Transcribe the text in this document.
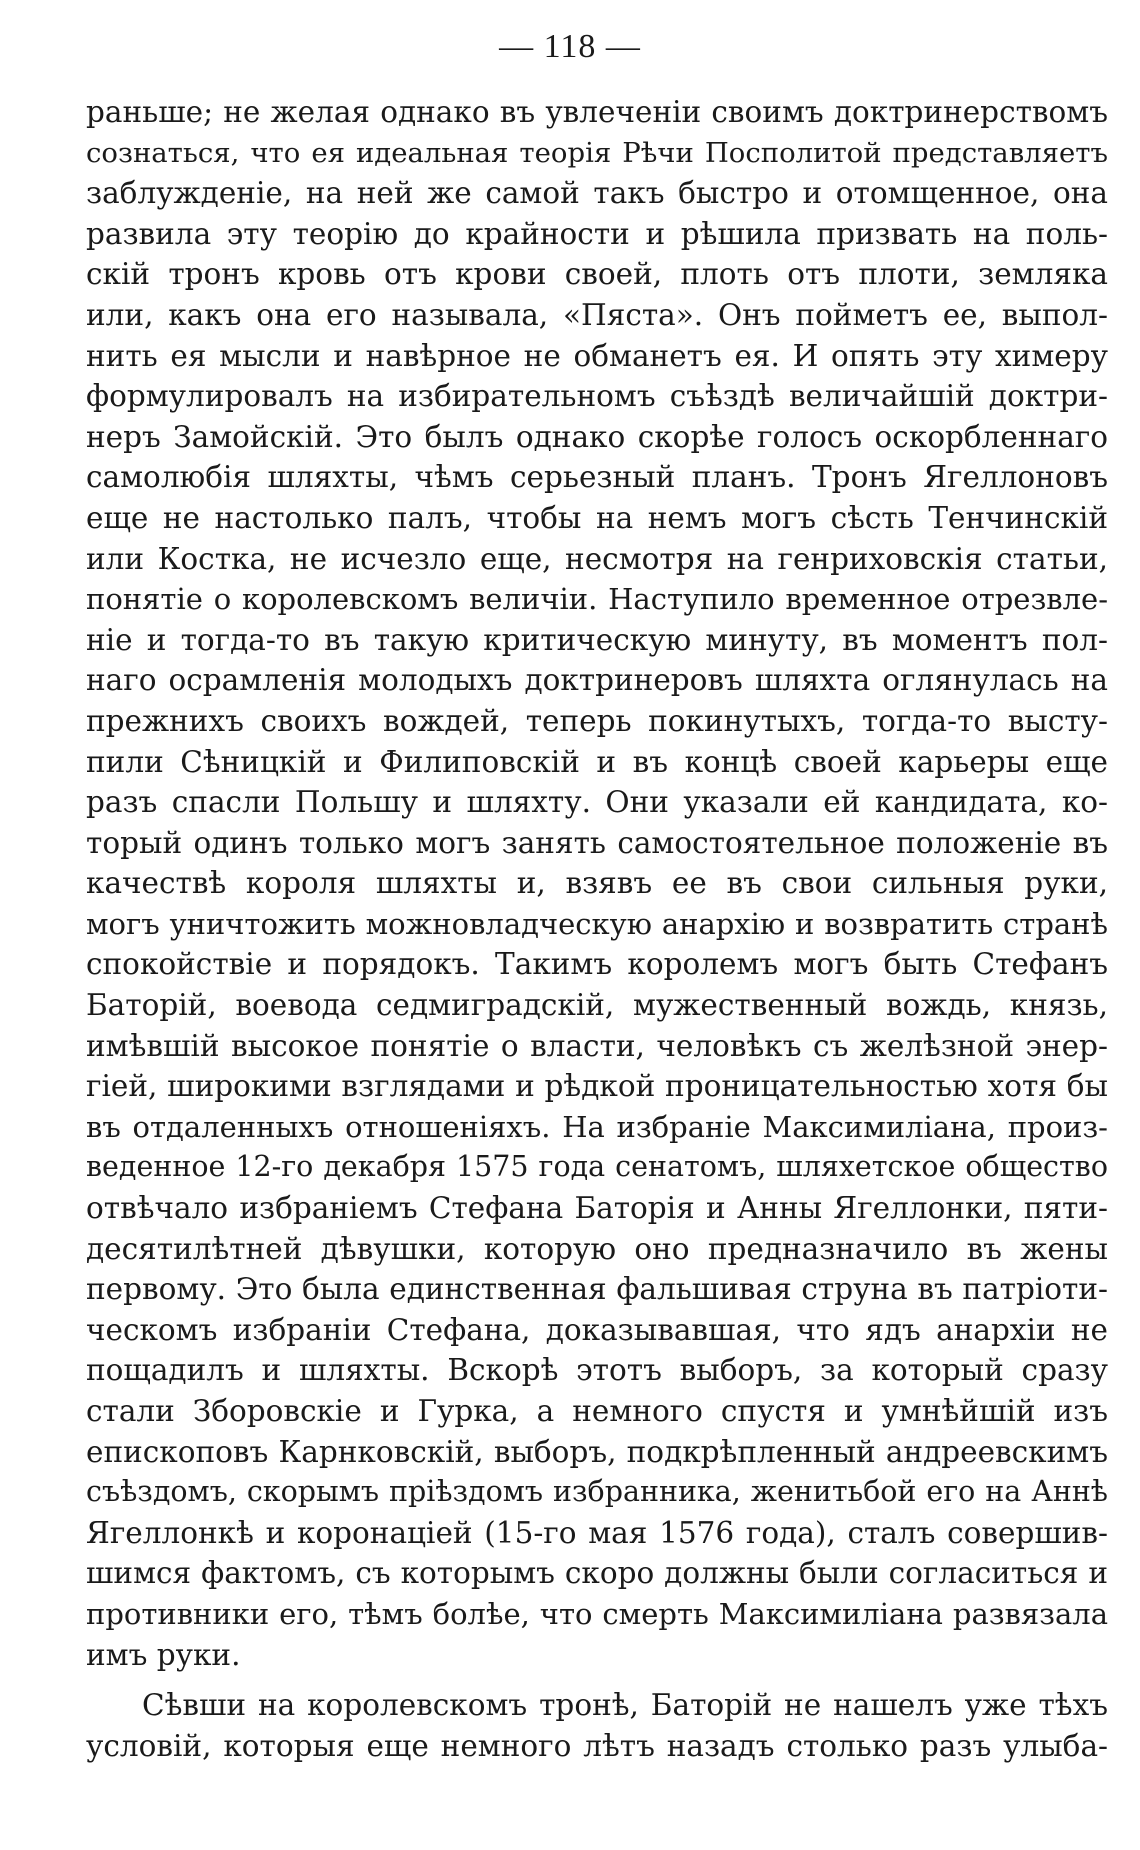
— 118 —
раньше; не желая однако въ увлеченіи своимъ доктринерствомъ
сознаться, что ея идеальная теорія Рѣчи Посполитой представляетъ
заблужденіе, на ней же самой такъ быстро и отомщенное, она
развила эту теорію до крайности и рѣшила призвать на поль-
скій тронъ кровь отъ крови своей, плоть отъ плоти, земляка
или, какъ она его называла, «Пяста». Онъ пойметъ ее, выпол-
нить ея мысли и навѣрное не обманетъ ея. И опять эту химеру
формулировалъ на избирательномъ съѣздѣ величайшій доктри-
неръ Замойскій. Это былъ однако скорѣе голосъ оскорбленнаго
самолюбія шляхты, чѣмъ серьезный планъ. Тронъ Ягеллоновъ
еще не настолько палъ, чтобы на немъ могъ сѣсть Тенчинскій
или Костка, не исчезло еще, несмотря на генриховскія статьи,
понятіе о королевскомъ величіи. Наступило временное отрезвле-
ніе и тогда-то въ такую критическую минуту, въ моментъ пол-
наго осрамленія молодыхъ доктринеровъ шляхта оглянулась на
прежнихъ своихъ вождей, теперь покинутыхъ, тогда-то высту-
пили Сѣницкій и Филиповскій и въ концѣ своей карьеры еще
разъ спасли Польшу и шляхту. Они указали ей кандидата, ко-
торый одинъ только могъ занять самостоятельное положеніе въ
качествѣ короля шляхты и, взявъ ее въ свои сильныя руки,
могъ уничтожить можновладческую анархію и возвратить странѣ
спокойствіе и порядокъ. Такимъ королемъ могъ быть Стефанъ
Баторій, воевода седмиградскій, мужественный вождь, князь,
имѣвшій высокое понятіе о власти, человѣкъ съ желѣзной энер-
гіей, широкими взглядами и рѣдкой проницательностью хотя бы
въ отдаленныхъ отношеніяхъ. На избраніе Максимиліана, произ-
веденное 12-го декабря 1575 года сенатомъ, шляхетское общество
отвѣчало избраніемъ Стефана Баторія и Анны Ягеллонки, пяти-
десятилѣтней дѣвушки, которую оно предназначило въ жены
первому. Это была единственная фальшивая струна въ патріоти-
ческомъ избраніи Стефана, доказывавшая, что ядъ анархіи не
пощадилъ и шляхты. Вскорѣ этотъ выборъ, за который сразу
стали Зборовскіе и Гурка, а немного спустя и умнѣйшій изъ
епископовъ Карнковскій, выборъ, подкрѣпленный андреевскимъ
съѣздомъ, скорымъ пріѣздомъ избранника, женитьбой его на Аннѣ
Ягеллонкѣ и коронаціей (15-го мая 1576 года), сталъ совершив-
шимся фактомъ, съ которымъ скоро должны были согласиться и
противники его, тѣмъ болѣе, что смерть Максимиліана развязала
имъ руки.
Сѣвши на королевскомъ тронѣ, Баторій не нашелъ уже тѣхъ
условій, которыя еще немного лѣтъ назадъ столько разъ улыба-
